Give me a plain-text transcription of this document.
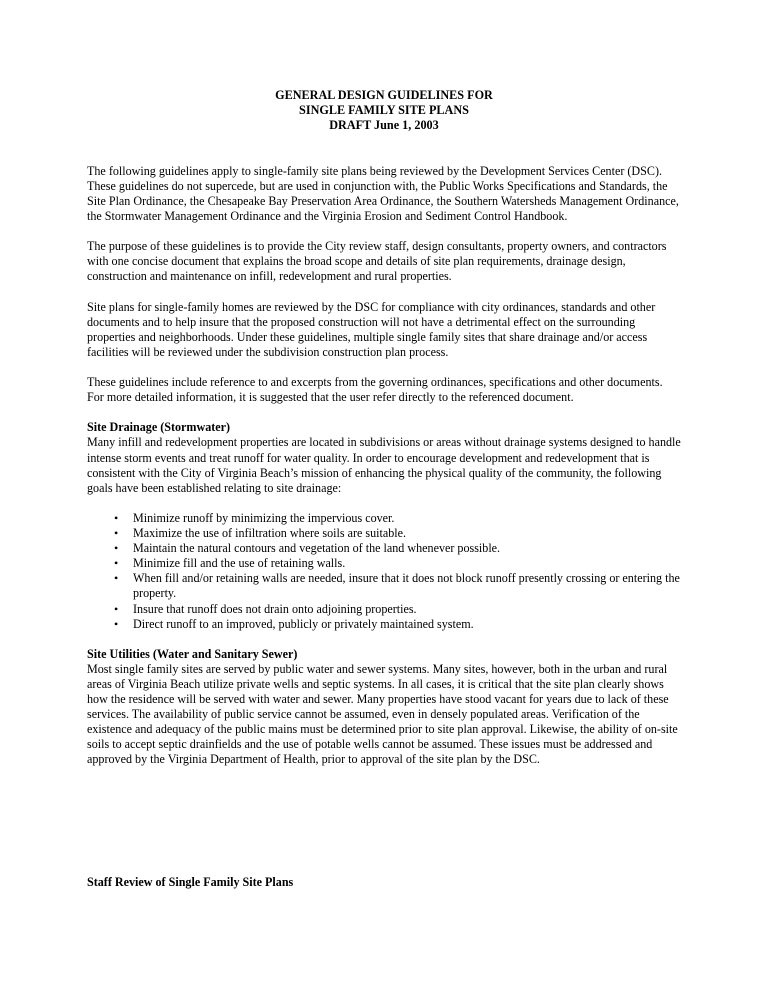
GENERAL DESIGN GUIDELINES FOR
SINGLE FAMILY SITE PLANS
DRAFT June 1, 2003

The following guidelines apply to single-family site plans being reviewed by the Development Services Center (DSC). These guidelines do not supercede, but are used in conjunction with, the Public Works Specifications and Standards, the Site Plan Ordinance, the Chesapeake Bay Preservation Area Ordinance, the Southern Watersheds Management Ordinance, the Stormwater Management Ordinance and the Virginia Erosion and Sediment Control Handbook.

The purpose of these guidelines is to provide the City review staff, design consultants, property owners, and contractors with one concise document that explains the broad scope and details of site plan requirements, drainage design, construction and maintenance on infill, redevelopment and rural properties.

Site plans for single-family homes are reviewed by the DSC for compliance with city ordinances, standards and other documents and to help insure that the proposed construction will not have a detrimental effect on the surrounding properties and neighborhoods. Under these guidelines, multiple single family sites that share drainage and/or access facilities will be reviewed under the subdivision construction plan process.

These guidelines include reference to and excerpts from the governing ordinances, specifications and other documents. For more detailed information, it is suggested that the user refer directly to the referenced document.

Site Drainage (Stormwater)

Many infill and redevelopment properties are located in subdivisions or areas without drainage systems designed to handle intense storm events and treat runoff for water quality. In order to encourage development and redevelopment that is consistent with the City of Virginia Beach’s mission of enhancing the physical quality of the community, the following goals have been established relating to site drainage:

• Minimize runoff by minimizing the impervious cover.
• Maximize the use of infiltration where soils are suitable.
• Maintain the natural contours and vegetation of the land whenever possible.
• Minimize fill and the use of retaining walls.
• When fill and/or retaining walls are needed, insure that it does not block runoff presently crossing or entering the property.
• Insure that runoff does not drain onto adjoining properties.
• Direct runoff to an improved, publicly or privately maintained system.
Site Utilities (Water and Sanitary Sewer)

Most single family sites are served by public water and sewer systems. Many sites, however, both in the urban and rural areas of Virginia Beach utilize private wells and septic systems. In all cases, it is critical that the site plan clearly shows how the residence will be served with water and sewer. Many properties have stood vacant for years due to lack of these services. The availability of public service cannot be assumed, even in densely populated areas. Verification of the existence and adequacy of the public mains must be determined prior to site plan approval. Likewise, the ability of on-site soils to accept septic drainfields and the use of potable wells cannot be assumed. These issues must be addressed and approved by the Virginia Department of Health, prior to approval of the site plan by the DSC.

Staff Review of Single Family Site Plans
